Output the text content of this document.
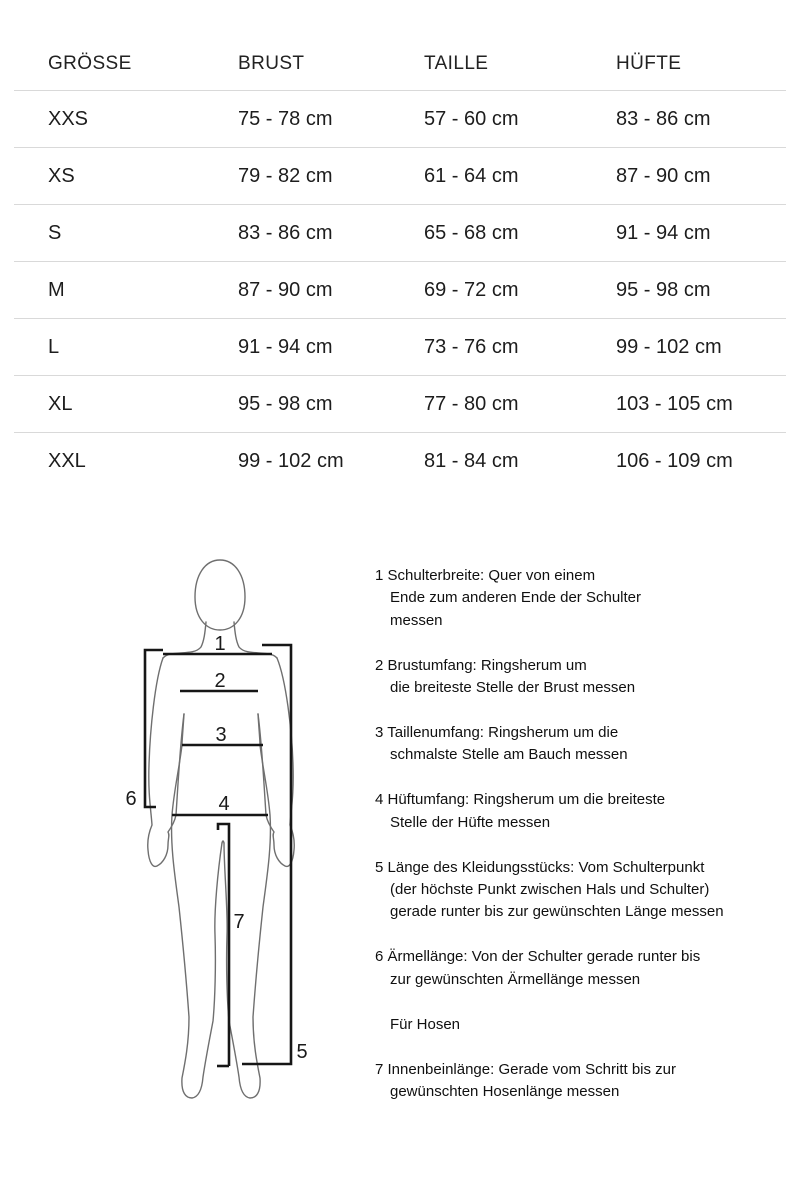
GRÖSSE	BRUST	TAILLE	HÜFTE
XXS	75 - 78 cm	57 - 60 cm	83 - 86 cm
XS	79 - 82 cm	61 - 64 cm	87 - 90 cm
S	83 - 86 cm	65 - 68 cm	91 - 94 cm
M	87 - 90 cm	69 - 72 cm	95 - 98 cm
L	91 - 94 cm	73 - 76 cm	99 - 102 cm
XL	95 - 98 cm	77 - 80 cm	103 - 105 cm
XXL	99 - 102 cm	81 - 84 cm	106 - 109 cm
1
2
3
4
5
6
7
1 Schulterbreite: Quer von einem
Ende zum anderen Ende der Schulter
messen
2 Brustumfang: Ringsherum um
die breiteste Stelle der Brust messen
3 Taillenumfang: Ringsherum um die
schmalste Stelle am Bauch messen
4 Hüftumfang: Ringsherum um die breiteste
Stelle der Hüfte messen
5 Länge des Kleidungsstücks: Vom Schulterpunkt
(der höchste Punkt zwischen Hals und Schulter)
gerade runter bis zur gewünschten Länge messen
6 Ärmellänge: Von der Schulter gerade runter bis
zur gewünschten Ärmellänge messen
Für Hosen
7 Innenbeinlänge: Gerade vom Schritt bis zur
gewünschten Hosenlänge messen
